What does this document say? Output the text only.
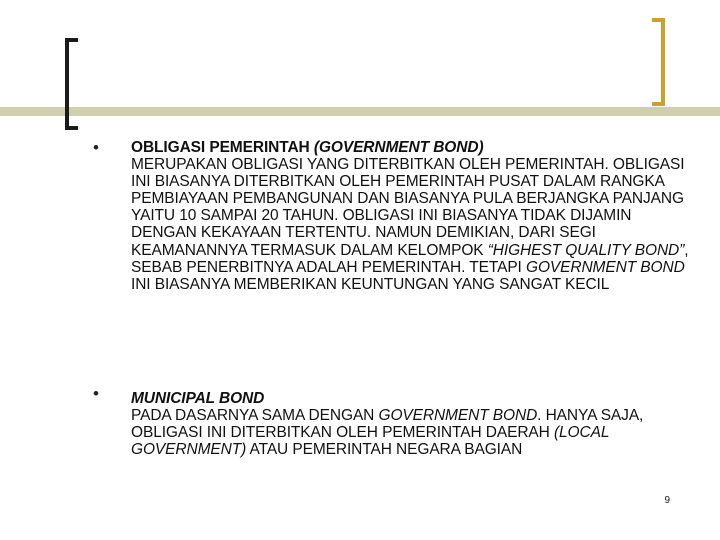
• OBLIGASI PEMERINTAH (GOVERNMENT BOND)
MERUPAKAN OBLIGASI YANG DITERBITKAN OLEH PEMERINTAH. OBLIGASI INI BIASANYA DITERBITKAN OLEH PEMERINTAH PUSAT DALAM RANGKA PEMBIAYAAN PEMBANGUNAN DAN BIASANYA PULA BERJANGKA PANJANG YAITU 10 SAMPAI 20 TAHUN. OBLIGASI INI BIASANYA TIDAK DIJAMIN DENGAN KEKAYAAN TERTENTU. NAMUN DEMIKIAN, DARI SEGI KEAMANANNYA TERMASUK DALAM KELOMPOK “HIGHEST QUALITY BOND”, SEBAB PENERBITNYA ADALAH PEMERINTAH. TETAPI GOVERNMENT BOND INI BIASANYA MEMBERIKAN KEUNTUNGAN YANG SANGAT KECIL
• MUNICIPAL BOND
PADA DASARNYA SAMA DENGAN GOVERNMENT BOND. HANYA SAJA, OBLIGASI INI DITERBITKAN OLEH PEMERINTAH DAERAH (LOCAL GOVERNMENT) ATAU PEMERINTAH NEGARA BAGIAN
9
